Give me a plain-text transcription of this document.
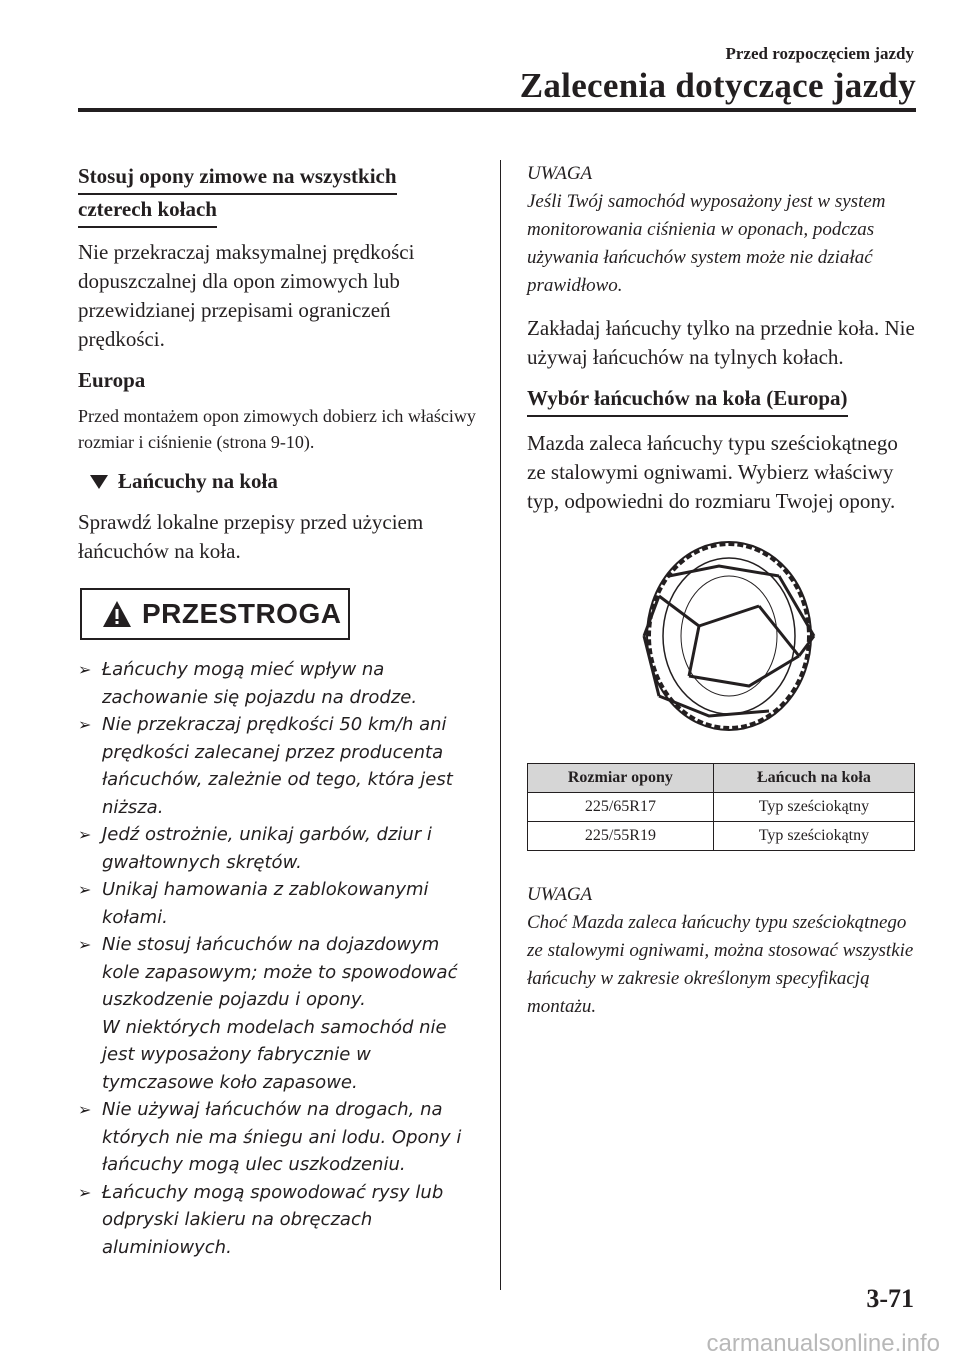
Przed rozpoczęciem jazdy
Zalecenia dotyczące jazdy

Stosuj opony zimowe na wszystkich
czterech kołach

Nie przekraczaj maksymalnej prędkości dopuszczalnej dla opon zimowych lub przewidzianej przepisami ograniczeń prędkości.

Europa

Przed montażem opon zimowych dobierz ich właściwy rozmiar i ciśnienie (strona 9-10).

Łańcuchy na koła

Sprawdź lokalne przepisy przed użyciem łańcuchów na koła.

PRZESTROGA
➢ Łańcuchy mogą mieć wpływ na zachowanie się pojazdu na drodze.
➢ Nie przekraczaj prędkości 50 km/h ani prędkości zalecanej przez producenta łańcuchów, zależnie od tego, która jest niższa.
➢ Jedź ostrożnie, unikaj garbów, dziur i gwałtownych skrętów.
➢ Unikaj hamowania z zablokowanymi kołami.
➢ Nie stosuj łańcuchów na dojazdowym kole zapasowym; może to spowodować uszkodzenie pojazdu i opony.
W niektórych modelach samochód nie jest wyposażony fabrycznie w tymczasowe koło zapasowe.
➢ Nie używaj łańcuchów na drogach, na których nie ma śniegu ani lodu. Opony i łańcuchy mogą ulec uszkodzeniu.
➢ Łańcuchy mogą spowodować rysy lub odpryski lakieru na obręczach aluminiowych.

UWAGA

Jeśli Twój samochód wyposażony jest w system monitorowania ciśnienia w oponach, podczas używania łańcuchów system może nie działać prawidłowo.

Zakładaj łańcuchy tylko na przednie koła. Nie używaj łańcuchów na tylnych kołach.

Wybór łańcuchów na koła (Europa)

Mazda zaleca łańcuchy typu sześciokątnego ze stalowymi ogniwami. Wybierz właściwy typ, odpowiedni do rozmiaru Twojej opony.

Rozmiar opony	Łańcuch na koła
225/65R17	Typ sześciokątny
225/55R19	Typ sześciokątny

UWAGA

Choć Mazda zaleca łańcuchy typu sześciokątnego ze stalowymi ogniwami, można stosować wszystkie łańcuchy w zakresie określonym specyfikacją montażu.

3-71
carmanualsonline.info
